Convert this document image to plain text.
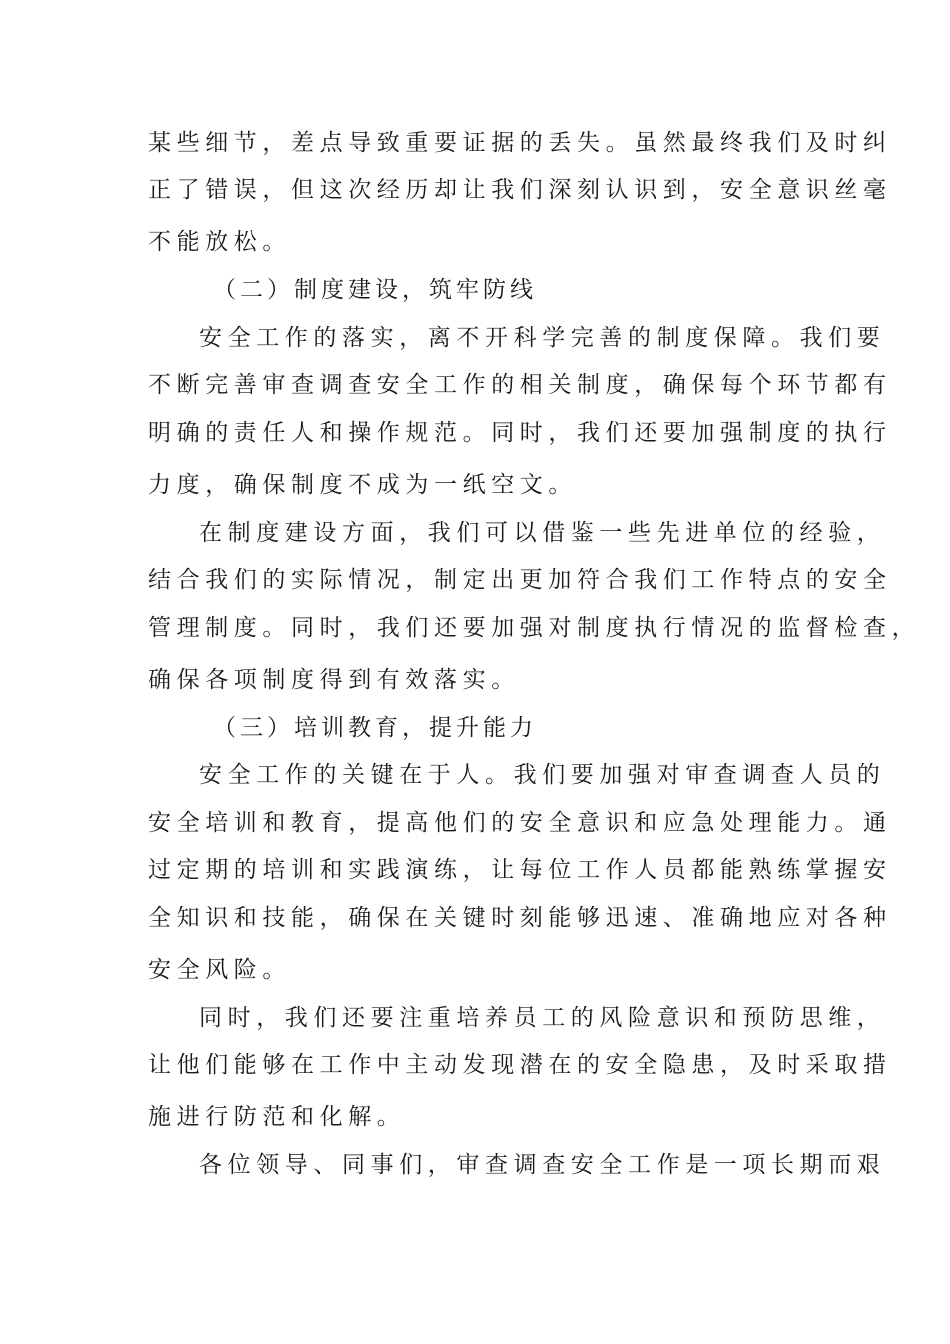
某些细节，差点导致重要证据的丢失。虽然最终我们及时纠
正了错误，但这次经历却让我们深刻认识到，安全意识丝毫
不能放松。
（二）制度建设，筑牢防线
安全工作的落实，离不开科学完善的制度保障。我们要
不断完善审查调查安全工作的相关制度，确保每个环节都有
明确的责任人和操作规范。同时，我们还要加强制度的执行
力度，确保制度不成为一纸空文。
在制度建设方面，我们可以借鉴一些先进单位的经验，
结合我们的实际情况，制定出更加符合我们工作特点的安全
管理制度。同时，我们还要加强对制度执行情况的监督检查，
确保各项制度得到有效落实。
（三）培训教育，提升能力
安全工作的关键在于人。我们要加强对审查调查人员的
安全培训和教育，提高他们的安全意识和应急处理能力。通
过定期的培训和实践演练，让每位工作人员都能熟练掌握安
全知识和技能，确保在关键时刻能够迅速、准确地应对各种
安全风险。
同时，我们还要注重培养员工的风险意识和预防思维，
让他们能够在工作中主动发现潜在的安全隐患，及时采取措
施进行防范和化解。
各位领导、同事们，审查调查安全工作是一项长期而艰
